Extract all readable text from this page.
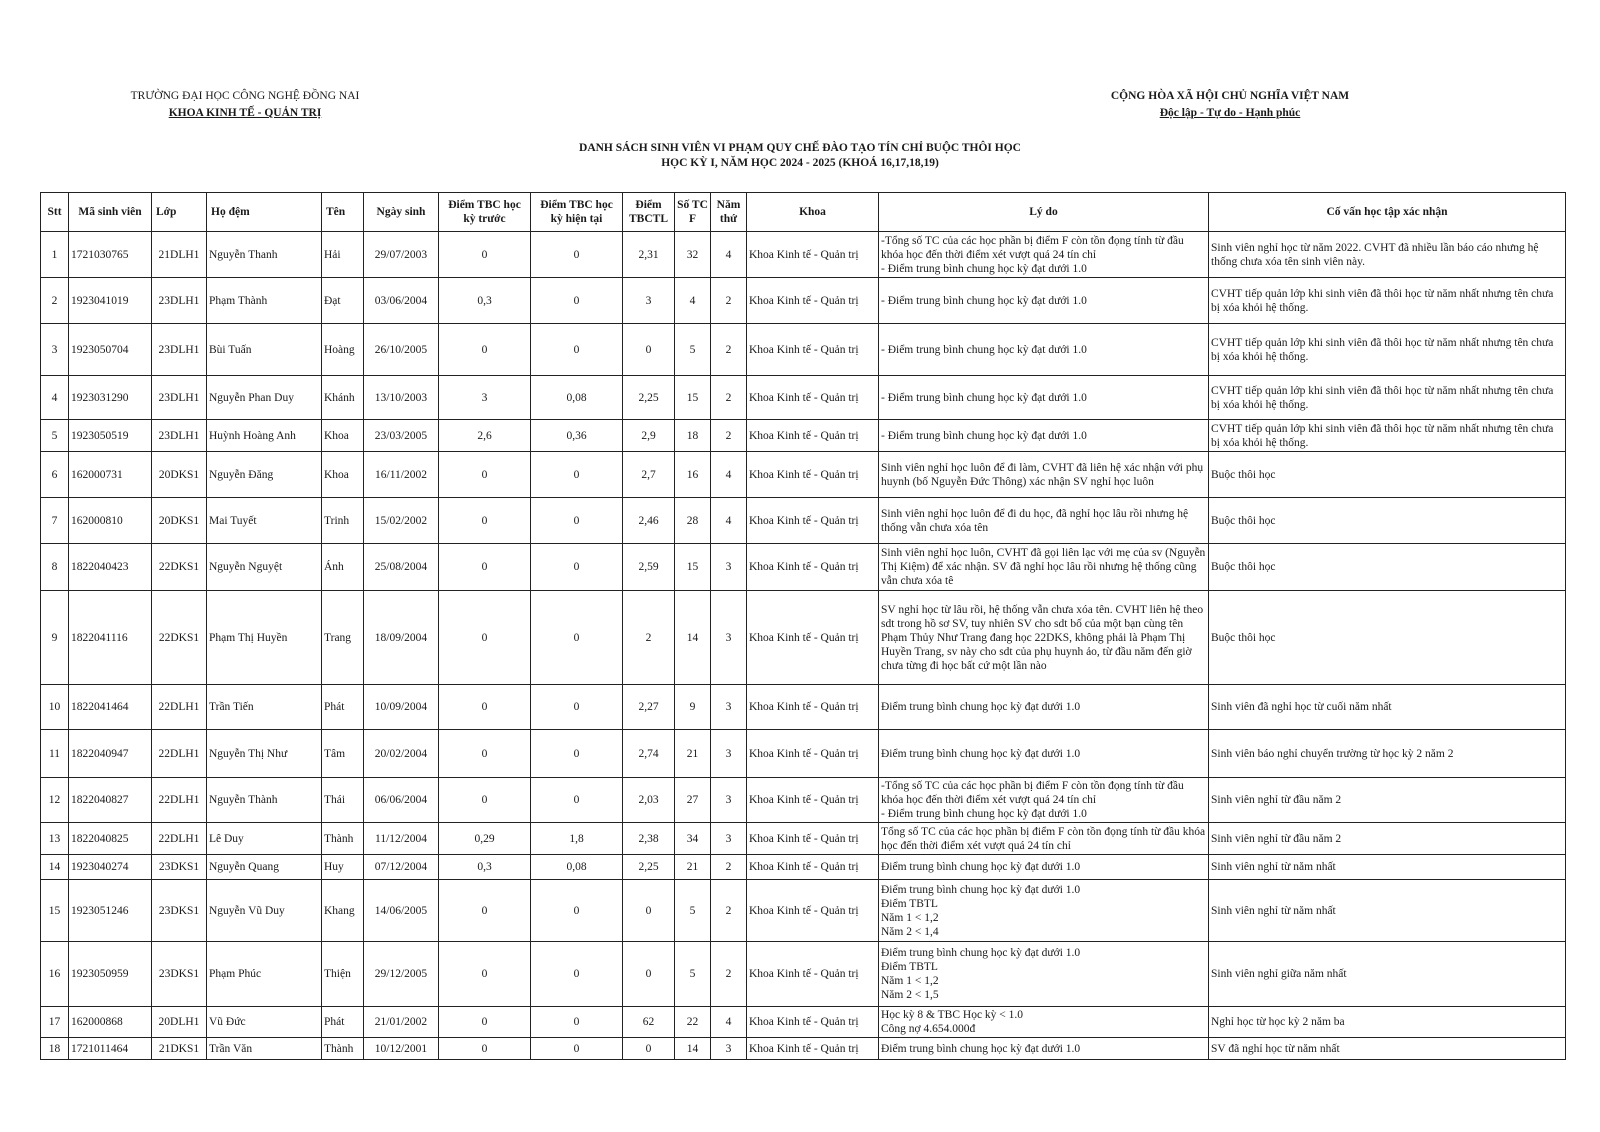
TRƯỜNG ĐẠI HỌC CÔNG NGHỆ ĐỒNG NAI
KHOA KINH TẾ - QUẢN TRỊ
CỘNG HÒA XÃ HỘI CHỦ NGHĨA VIỆT NAM
Độc lập - Tự do - Hạnh phúc
DANH SÁCH SINH VIÊN VI PHẠM QUY CHẾ ĐÀO TẠO TÍN CHỈ BUỘC THÔI HỌC
HỌC KỲ I, NĂM HỌC 2024 - 2025 (KHOÁ 16,17,18,19)
Stt	Mã sinh viên	Lớp	Họ đệm	Tên	Ngày sinh	Điểm TBC học kỳ trước	Điểm TBC học kỳ hiện tại	Điểm TBCTL	Số TC F	Năm thứ	Khoa	Lý do	Cố vấn học tập xác nhận
1	1721030765	21DLH1	Nguyễn Thanh	Hải	29/07/2003	0	0	2,31	32	4	Khoa Kinh tế - Quản trị	-Tổng số TC của các học phần bị điểm F còn tồn đọng tính từ đầu khóa học đến thời điểm xét vượt quá 24 tín chỉ
- Điểm trung bình chung học kỳ đạt dưới 1.0	Sinh viên nghỉ học từ năm 2022. CVHT đã nhiều lần báo cáo nhưng hệ thống chưa xóa tên sinh viên này.
2	1923041019	23DLH1	Phạm Thành	Đạt	03/06/2004	0,3	0	3	4	2	Khoa Kinh tế - Quản trị	- Điểm trung bình chung học kỳ đạt dưới 1.0	CVHT tiếp quản lớp khi sinh viên đã thôi học từ năm nhất nhưng tên chưa bị xóa khỏi hệ thống.
3	1923050704	23DLH1	Bùi Tuấn	Hoàng	26/10/2005	0	0	0	5	2	Khoa Kinh tế - Quản trị	- Điểm trung bình chung học kỳ đạt dưới 1.0	CVHT tiếp quản lớp khi sinh viên đã thôi học từ năm nhất nhưng tên chưa bị xóa khỏi hệ thống.
4	1923031290	23DLH1	Nguyễn Phan Duy	Khánh	13/10/2003	3	0,08	2,25	15	2	Khoa Kinh tế - Quản trị	- Điểm trung bình chung học kỳ đạt dưới 1.0	CVHT tiếp quản lớp khi sinh viên đã thôi học từ năm nhất nhưng tên chưa bị xóa khỏi hệ thống.
5	1923050519	23DLH1	Huỳnh Hoàng Anh	Khoa	23/03/2005	2,6	0,36	2,9	18	2	Khoa Kinh tế - Quản trị	- Điểm trung bình chung học kỳ đạt dưới 1.0	CVHT tiếp quản lớp khi sinh viên đã thôi học từ năm nhất nhưng tên chưa bị xóa khỏi hệ thống.
6	162000731	20DKS1	Nguyễn Đăng	Khoa	16/11/2002	0	0	2,7	16	4	Khoa Kinh tế - Quản trị	Sinh viên nghỉ học luôn để đi làm, CVHT đã liên hệ xác nhận với phụ huynh (bố Nguyễn Đức Thông) xác nhận SV nghỉ học luôn	Buộc thôi học
7	162000810	20DKS1	Mai Tuyết	Trinh	15/02/2002	0	0	2,46	28	4	Khoa Kinh tế - Quản trị	Sinh viên nghỉ học luôn để đi du học, đã nghỉ học lâu rồi nhưng hệ thống vẫn chưa xóa tên	Buộc thôi học
8	1822040423	22DKS1	Nguyễn Nguyệt	Ánh	25/08/2004	0	0	2,59	15	3	Khoa Kinh tế - Quản trị	Sinh viên nghỉ học luôn, CVHT đã gọi liên lạc với mẹ của sv (Nguyễn Thị Kiệm) để xác nhận. SV đã nghỉ học lâu rồi nhưng hệ thống cũng vẫn chưa xóa tê	Buộc thôi học
9	1822041116	22DKS1	Phạm Thị Huyền	Trang	18/09/2004	0	0	2	14	3	Khoa Kinh tế - Quản trị	SV nghỉ học từ lâu rồi, hệ thống vẫn chưa xóa tên. CVHT liên hệ theo sdt trong hồ sơ SV, tuy nhiên SV cho sdt bố của một bạn cùng tên Phạm Thủy Như Trang đang học 22DKS, không phải là Phạm Thị Huyền Trang, sv này cho sdt của phụ huynh ảo, từ đầu năm đến giờ chưa từng đi học bất cứ một lần nào	Buộc thôi học
10	1822041464	22DLH1	Trần Tiến	Phát	10/09/2004	0	0	2,27	9	3	Khoa Kinh tế - Quản trị	Điểm trung bình chung học kỳ đạt dưới 1.0	Sinh viên đã nghỉ học từ cuối năm nhất
11	1822040947	22DLH1	Nguyễn Thị Như	Tâm	20/02/2004	0	0	2,74	21	3	Khoa Kinh tế - Quản trị	Điểm trung bình chung học kỳ đạt dưới 1.0	Sinh viên báo nghỉ chuyển trường từ học kỳ 2 năm 2
12	1822040827	22DLH1	Nguyễn Thành	Thái	06/06/2004	0	0	2,03	27	3	Khoa Kinh tế - Quản trị	-Tổng số TC của các học phần bị điểm F còn tồn đọng tính từ đầu khóa học đến thời điểm xét vượt quá 24 tín chỉ
- Điểm trung bình chung học kỳ đạt dưới 1.0	Sinh viên nghỉ từ đầu năm 2
13	1822040825	22DLH1	Lê Duy	Thành	11/12/2004	0,29	1,8	2,38	34	3	Khoa Kinh tế - Quản trị	Tổng số TC của các học phần bị điểm F còn tồn đọng tính từ đầu khóa học đến thời điểm xét vượt quá 24 tín chỉ	Sinh viên nghỉ từ đầu năm 2
14	1923040274	23DKS1	Nguyễn Quang	Huy	07/12/2004	0,3	0,08	2,25	21	2	Khoa Kinh tế - Quản trị	Điểm trung bình chung học kỳ đạt dưới 1.0	Sinh viên nghỉ từ năm nhất
15	1923051246	23DKS1	Nguyễn Vũ Duy	Khang	14/06/2005	0	0	0	5	2	Khoa Kinh tế - Quản trị	Điểm trung bình chung học kỳ đạt dưới 1.0
Điểm TBTL
Năm 1 < 1,2
Năm 2 < 1,4	Sinh viên nghỉ từ năm nhất
16	1923050959	23DKS1	Phạm Phúc	Thiện	29/12/2005	0	0	0	5	2	Khoa Kinh tế - Quản trị	Điểm trung bình chung học kỳ đạt dưới 1.0
Điểm TBTL
Năm 1 < 1,2
Năm 2 < 1,5	Sinh viên nghỉ giữa năm nhất
17	162000868	20DLH1	Vũ Đức	Phát	21/01/2002	0	0	62	22	4	Khoa Kinh tế - Quản trị	Học kỳ 8 & TBC Học kỳ < 1.0
Công nợ 4.654.000đ	Nghỉ học từ học kỳ 2 năm ba
18	1721011464	21DKS1	Trần Văn	Thành	10/12/2001	0	0	0	14	3	Khoa Kinh tế - Quản trị	Điểm trung bình chung học kỳ đạt dưới 1.0	SV đã nghỉ học từ năm nhất
